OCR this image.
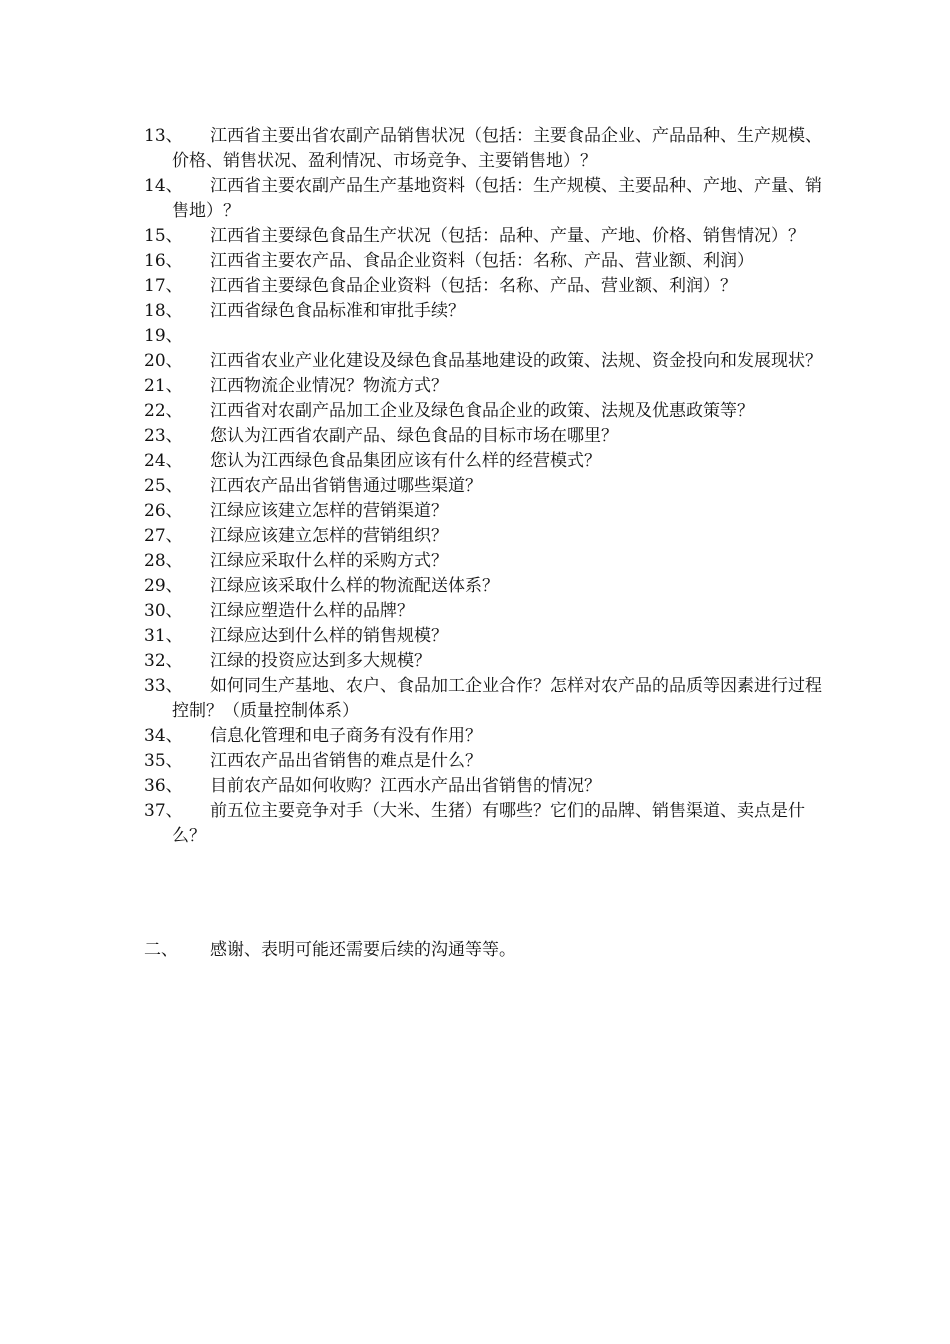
13、 江西省主要出省农副产品销售状况（包括：主要食品企业、产品品种、生产规模、价格、销售状况、盈利情况、市场竞争、主要销售地）？

14、 江西省主要农副产品生产基地资料（包括：生产规模、主要品种、产地、产量、销售地）？

15、 江西省主要绿色食品生产状况（包括：品种、产量、产地、价格、销售情况）？

16、 江西省主要农产品、食品企业资料（包括：名称、产品、营业额、利润）

17、 江西省主要绿色食品企业资料（包括：名称、产品、营业额、利润）？

18、 江西省绿色食品标准和审批手续？

19、

20、 江西省农业产业化建设及绿色食品基地建设的政策、法规、资金投向和发展现状？

21、 江西物流企业情况？物流方式？

22、 江西省对农副产品加工企业及绿色食品企业的政策、法规及优惠政策等？

23、 您认为江西省农副产品、绿色食品的目标市场在哪里？

24、 您认为江西绿色食品集团应该有什么样的经营模式？

25、 江西农产品出省销售通过哪些渠道？

26、 江绿应该建立怎样的营销渠道？

27、 江绿应该建立怎样的营销组织？

28、 江绿应采取什么样的采购方式？

29、 江绿应该采取什么样的物流配送体系？

30、 江绿应塑造什么样的品牌？

31、 江绿应达到什么样的销售规模？

32、 江绿的投资应达到多大规模？

33、 如何同生产基地、农户、食品加工企业合作？怎样对农产品的品质等因素进行过程控制？（质量控制体系）

34、 信息化管理和电子商务有没有作用？

35、 江西农产品出省销售的难点是什么？

36、 目前农产品如何收购？江西水产品出省销售的情况？

37、 前五位主要竞争对手（大米、生猪）有哪些？它们的品牌、销售渠道、卖点是什么？

二、 感谢、表明可能还需要后续的沟通等等。
